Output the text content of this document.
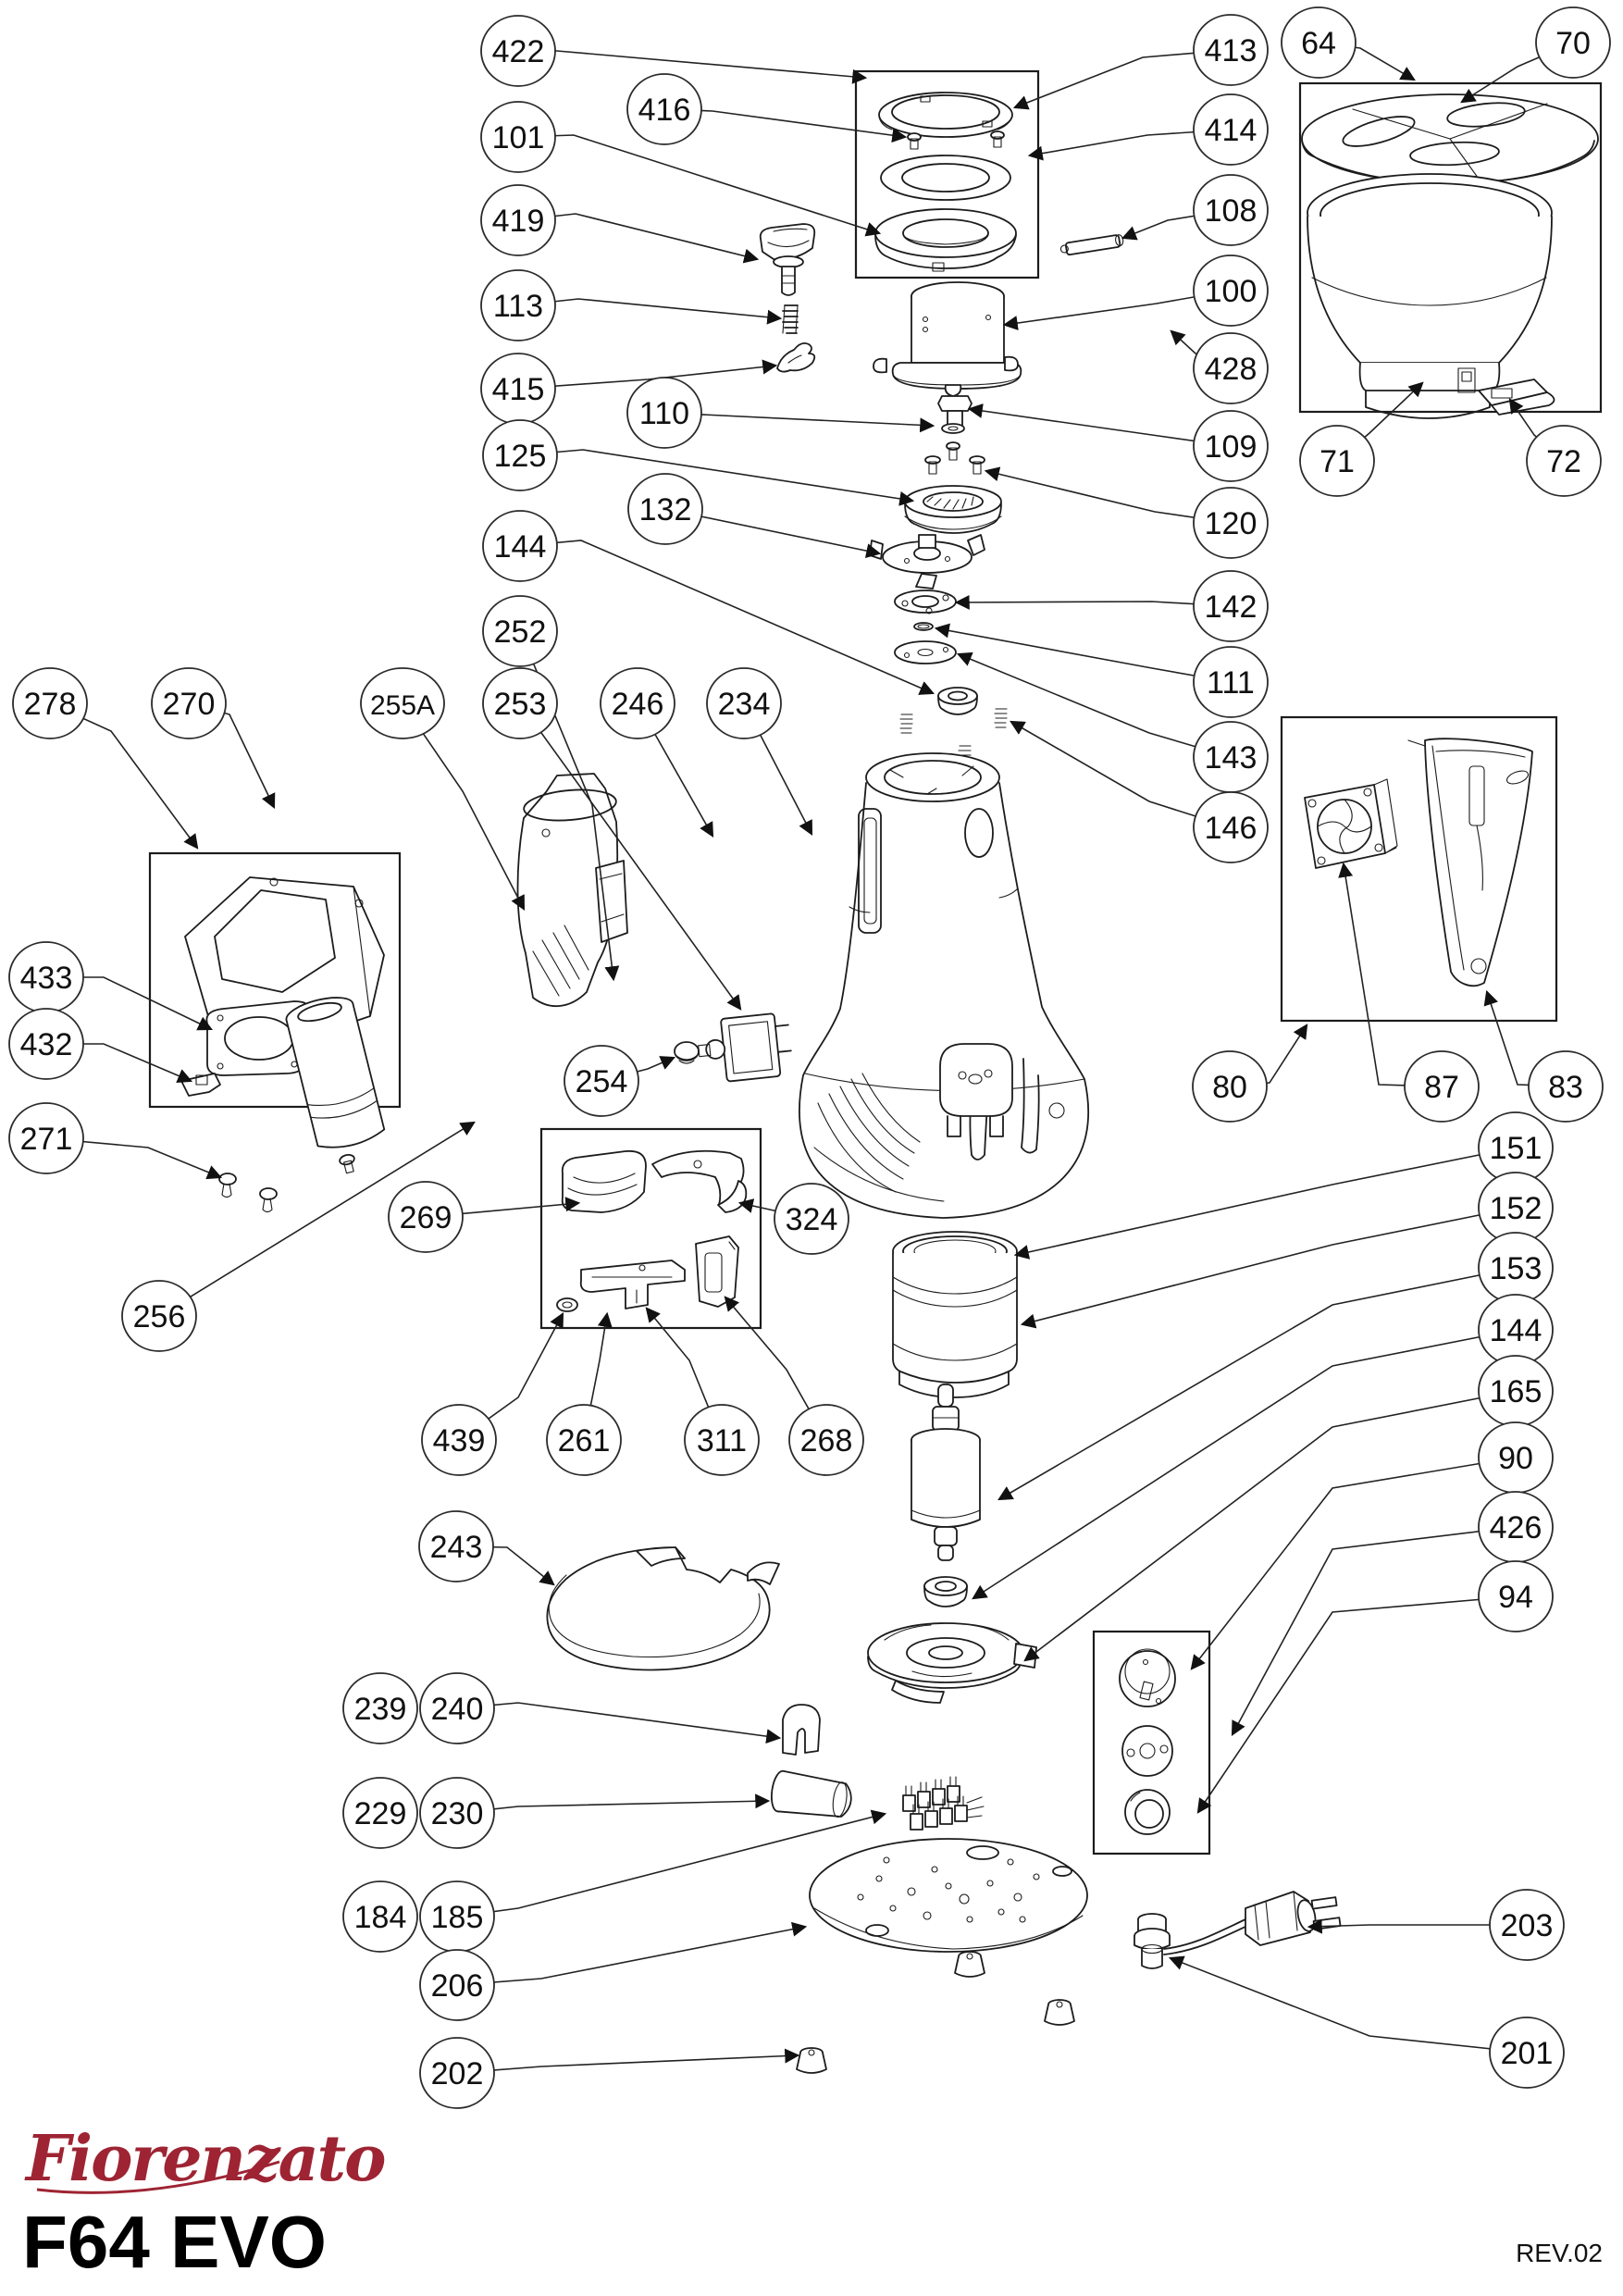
422
416
101
419
113
415
110
125
132
144
252
253 246 234
278	270	255A
433
432
271
256
269
439 261	311 268
324
254
243
239 240
229 230
184 185
206
202
413
414
108
100
428
109
120
142
111
143
146
64	70
71	72
80	87	83
151
152
153
144
165
90
426
94
203
201
Fiorenzato
F64 EVO	REV.02
